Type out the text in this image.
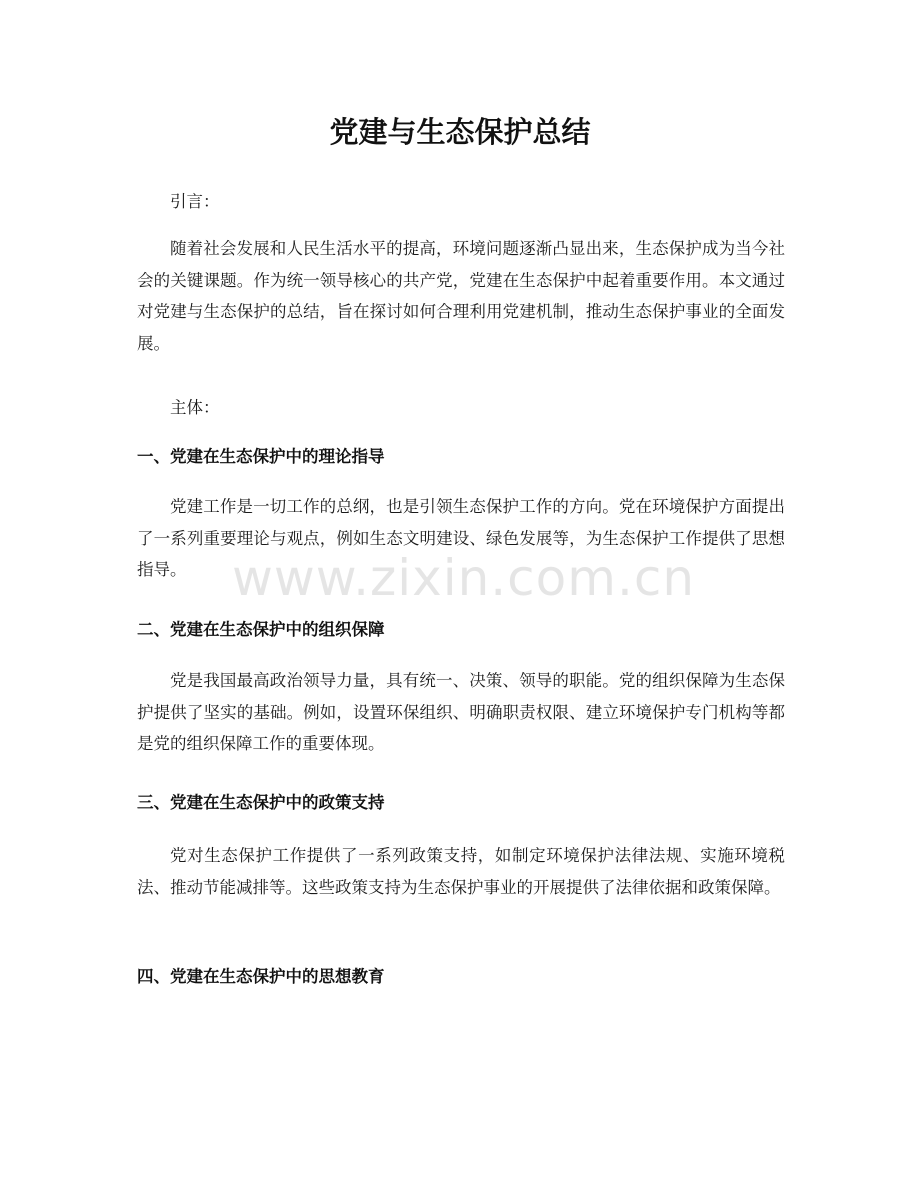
党建与生态保护总结
引言：
随着社会发展和人民生活水平的提高，环境问题逐渐凸显出来，生态保护成为当今社会的关键课题。作为统一领导核心的共产党，党建在生态保护中起着重要作用。本文通过对党建与生态保护的总结，旨在探讨如何合理利用党建机制，推动生态保护事业的全面发展。
主体：
一、党建在生态保护中的理论指导
党建工作是一切工作的总纲，也是引领生态保护工作的方向。党在环境保护方面提出了一系列重要理论与观点，例如生态文明建设、绿色发展等，为生态保护工作提供了思想指导。
二、党建在生态保护中的组织保障
党是我国最高政治领导力量，具有统一、决策、领导的职能。党的组织保障为生态保护提供了坚实的基础。例如，设置环保组织、明确职责权限、建立环境保护专门机构等都是党的组织保障工作的重要体现。
三、党建在生态保护中的政策支持
党对生态保护工作提供了一系列政策支持，如制定环境保护法律法规、实施环境税法、推动节能减排等。这些政策支持为生态保护事业的开展提供了法律依据和政策保障。
四、党建在生态保护中的思想教育
www.zixin.com.cn
